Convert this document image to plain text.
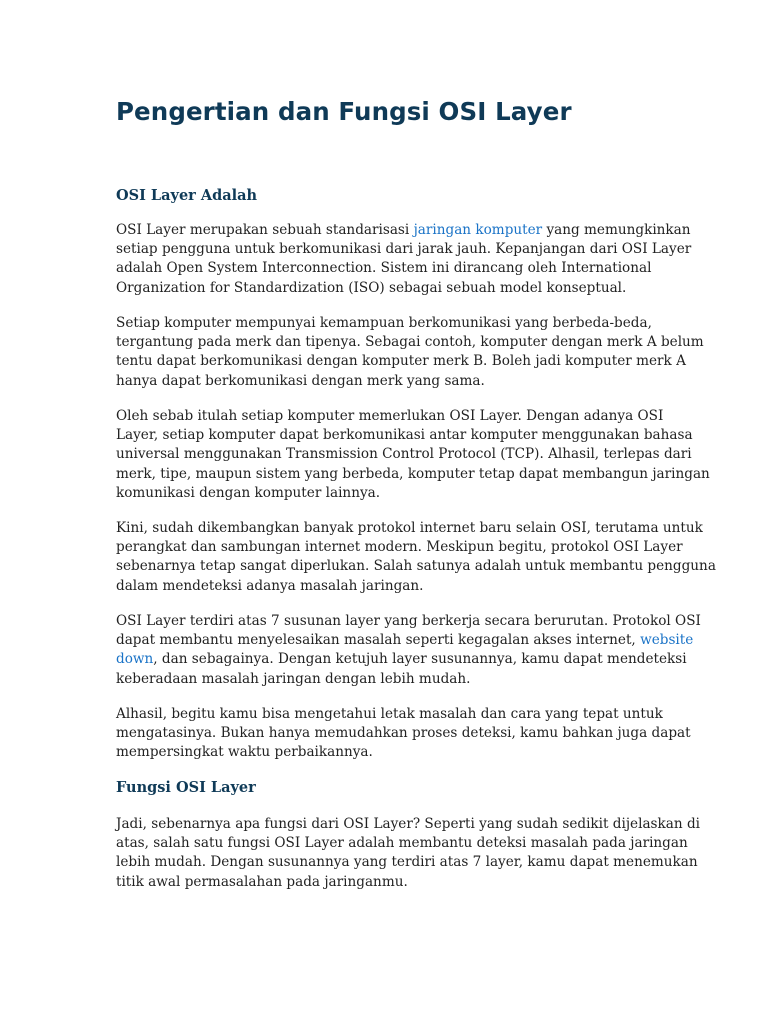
Pengertian dan Fungsi OSI Layer
OSI Layer Adalah
OSI Layer merupakan sebuah standarisasi jaringan komputer yang memungkinkan
setiap pengguna untuk berkomunikasi dari jarak jauh. Kepanjangan dari OSI Layer
adalah Open System Interconnection. Sistem ini dirancang oleh International
Organization for Standardization (ISO) sebagai sebuah model konseptual.
Setiap komputer mempunyai kemampuan berkomunikasi yang berbeda-beda,
tergantung pada merk dan tipenya. Sebagai contoh, komputer dengan merk A belum
tentu dapat berkomunikasi dengan komputer merk B. Boleh jadi komputer merk A
hanya dapat berkomunikasi dengan merk yang sama.
Oleh sebab itulah setiap komputer memerlukan OSI Layer. Dengan adanya OSI
Layer, setiap komputer dapat berkomunikasi antar komputer menggunakan bahasa
universal menggunakan Transmission Control Protocol (TCP). Alhasil, terlepas dari
merk, tipe, maupun sistem yang berbeda, komputer tetap dapat membangun jaringan
komunikasi dengan komputer lainnya.
Kini, sudah dikembangkan banyak protokol internet baru selain OSI, terutama untuk
perangkat dan sambungan internet modern. Meskipun begitu, protokol OSI Layer
sebenarnya tetap sangat diperlukan. Salah satunya adalah untuk membantu pengguna
dalam mendeteksi adanya masalah jaringan.
OSI Layer terdiri atas 7 susunan layer yang berkerja secara berurutan. Protokol OSI
dapat membantu menyelesaikan masalah seperti kegagalan akses internet, website
down, dan sebagainya. Dengan ketujuh layer susunannya, kamu dapat mendeteksi
keberadaan masalah jaringan dengan lebih mudah.
Alhasil, begitu kamu bisa mengetahui letak masalah dan cara yang tepat untuk
mengatasinya. Bukan hanya memudahkan proses deteksi, kamu bahkan juga dapat
mempersingkat waktu perbaikannya.
Fungsi OSI Layer
Jadi, sebenarnya apa fungsi dari OSI Layer? Seperti yang sudah sedikit dijelaskan di
atas, salah satu fungsi OSI Layer adalah membantu deteksi masalah pada jaringan
lebih mudah. Dengan susunannya yang terdiri atas 7 layer, kamu dapat menemukan
titik awal permasalahan pada jaringanmu.
